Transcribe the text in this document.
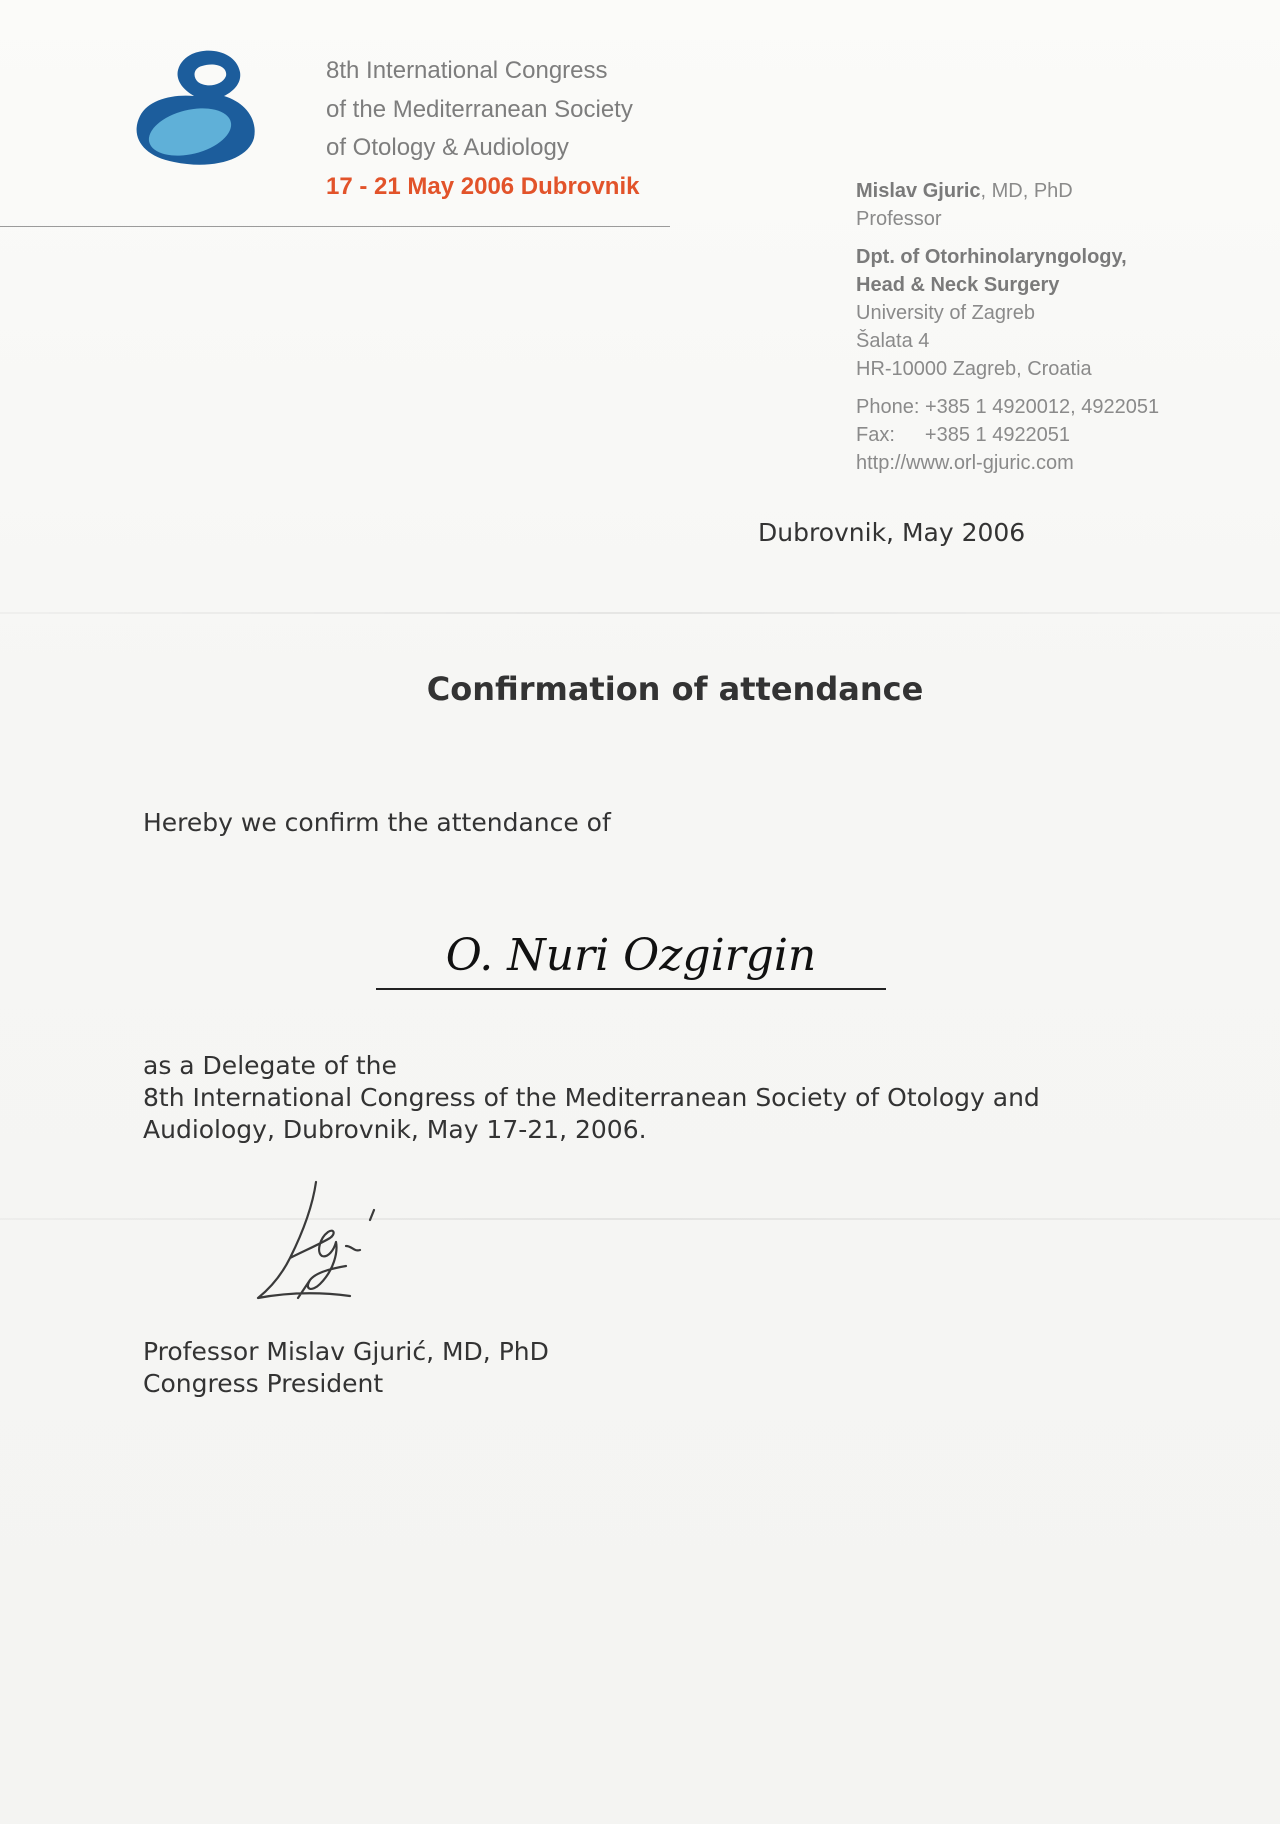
8th International Congress
of the Mediterranean Society
of Otology & Audiology
17 - 21 May 2006 Dubrovnik	Mislav Gjuric, MD, PhD
Professor
Dpt. of Otorhinolaryngology,
Head & Neck Surgery
University of Zagreb
Šalata 4
HR-10000 Zagreb, Croatia
Phone: +385 1 4920012, 4922051
Fax: +385 1 4922051
http://www.orl-gjuric.com
Dubrovnik, May 2006
Confirmation of attendance
Hereby we confirm the attendance of
O. Nuri Ozgirgin
as a Delegate of the
8th International Congress of the Mediterranean Society of Otology and
Audiology, Dubrovnik, May 17-21, 2006.
Professor Mislav Gjurić, MD, PhD
Congress President
